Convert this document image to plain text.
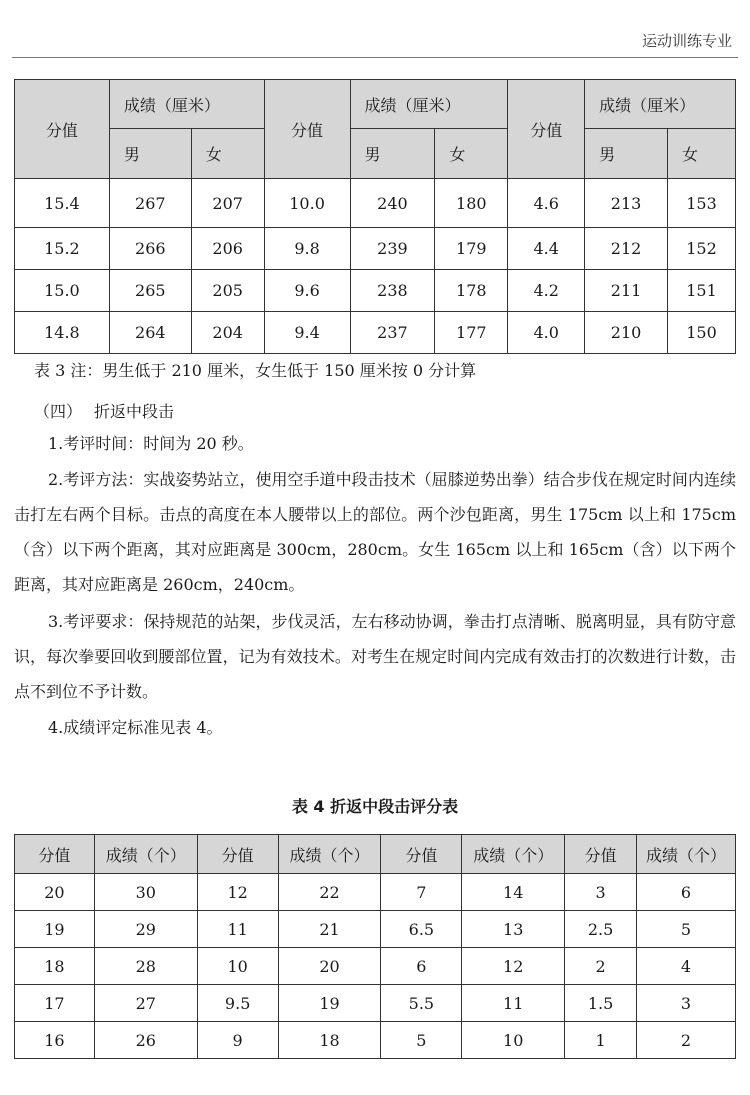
运动训练专业
分值	成绩（厘米）		分值	成绩（厘米）		分值	成绩（厘米）	
	男	女		男	女		男	女
15.4	267	207	10.0	240	180	4.6	213	153
15.2	266	206	9.8	239	179	4.4	212	152
15.0	265	205	9.6	238	178	4.2	211	151
14.8	264	204	9.4	237	177	4.0	210	150
表 3 注：男生低于 210 厘米，女生低于 150 厘米按 0 分计算
（四） 折返中段击
1.考评时间：时间为 20 秒。
2.考评方法：实战姿势站立，使用空手道中段击技术（屈膝逆势出拳）结合步伐在规定时间内连续击打左右两个目标。击点的高度在本人腰带以上的部位。两个沙包距离，男生 175cm 以上和 175cm（含）以下两个距离，其对应距离是 300cm，280cm。女生 165cm 以上和 165cm（含）以下两个距离，其对应距离是 260cm，240cm。
3.考评要求：保持规范的站架，步伐灵活，左右移动协调，拳击打点清晰、脱离明显，具有防守意识，每次拳要回收到腰部位置，记为有效技术。对考生在规定时间内完成有效击打的次数进行计数，击点不到位不予计数。
4.成绩评定标准见表 4。
表 4 折返中段击评分表
分值	成绩（个）	分值	成绩（个）	分值	成绩（个）	分值	成绩（个）
20	30	12	22	7	14	3	6
19	29	11	21	6.5	13	2.5	5
18	28	10	20	6	12	2	4
17	27	9.5	19	5.5	11	1.5	3
16	26	9	18	5	10	1	2
